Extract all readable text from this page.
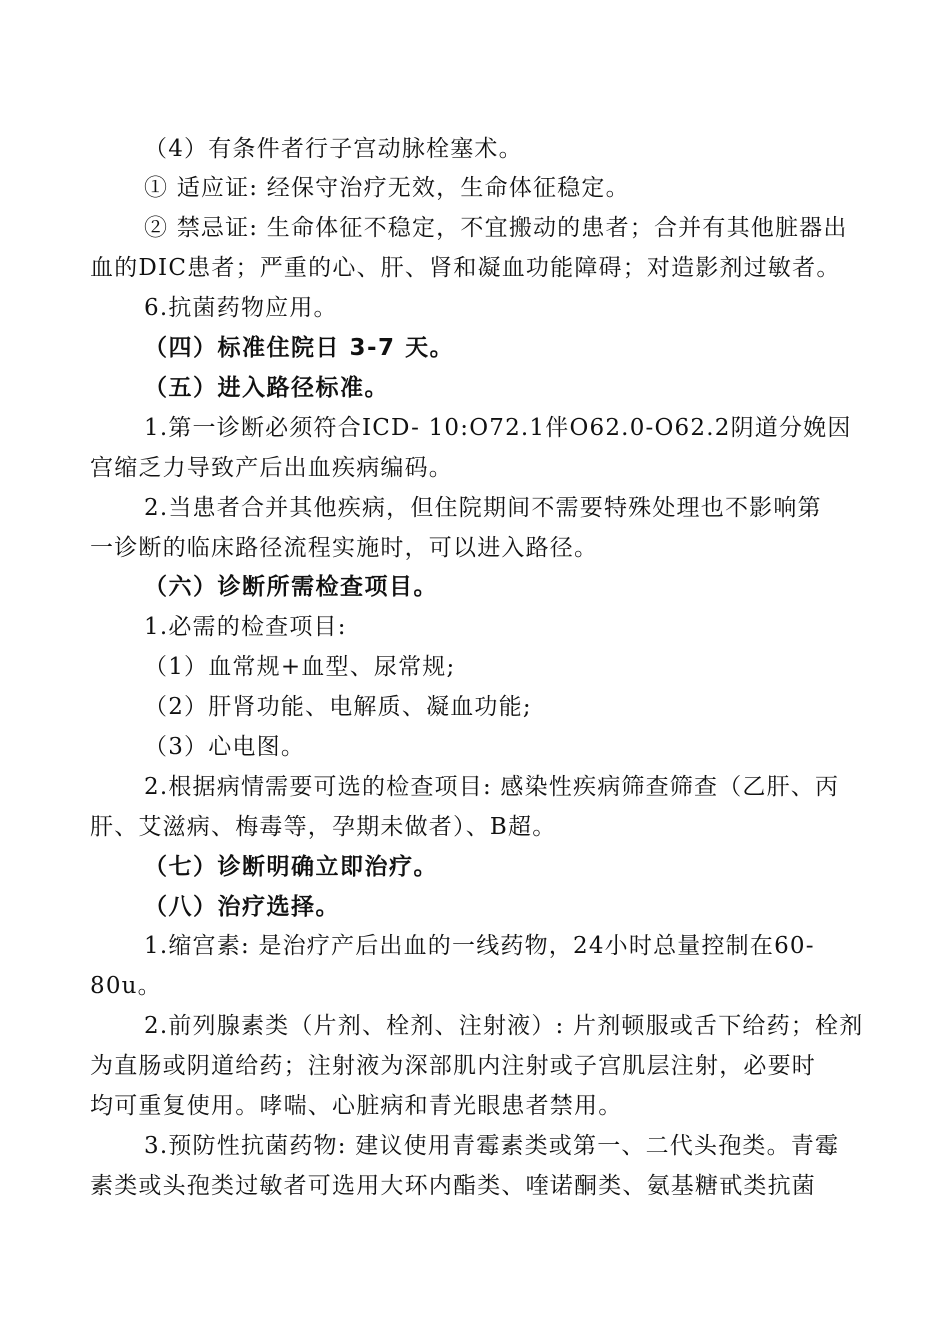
（4）有条件者行子宫动脉栓塞术。
① 适应证: 经保守治疗无效，生命体征稳定。
② 禁忌证: 生命体征不稳定，不宜搬动的患者；合并有其他脏器出
血的DIC患者；严重的心、肝、肾和凝血功能障碍；对造影剂过敏者。
6.抗菌药物应用。
（四）标准住院日 3-7 天。
（五）进入路径标准。
1.第一诊断必须符合ICD- 10:O72.1伴O62.0-O62.2阴道分娩因
宫缩乏力导致产后出血疾病编码。
2.当患者合并其他疾病，但住院期间不需要特殊处理也不影响第
一诊断的临床路径流程实施时，可以进入路径。
（六）诊断所需检查项目。
1.必需的检查项目:
（1）血常规+血型、尿常规;
（2）肝肾功能、电解质、凝血功能;
（3）心电图。
2.根据病情需要可选的检查项目: 感染性疾病筛查筛查（乙肝、丙
肝、艾滋病、梅毒等，孕期未做者）、B超。
（七）诊断明确立即治疗。
（八）治疗选择。
1.缩宫素: 是治疗产后出血的一线药物，24小时总量控制在60-
80u。
2.前列腺素类（片剂、栓剂、注射液）: 片剂顿服或舌下给药；栓剂
为直肠或阴道给药；注射液为深部肌内注射或子宫肌层注射，必要时
均可重复使用。哮喘、心脏病和青光眼患者禁用。
3.预防性抗菌药物: 建议使用青霉素类或第一、二代头孢类。青霉
素类或头孢类过敏者可选用大环内酯类、喹诺酮类、氨基糖甙类抗菌
